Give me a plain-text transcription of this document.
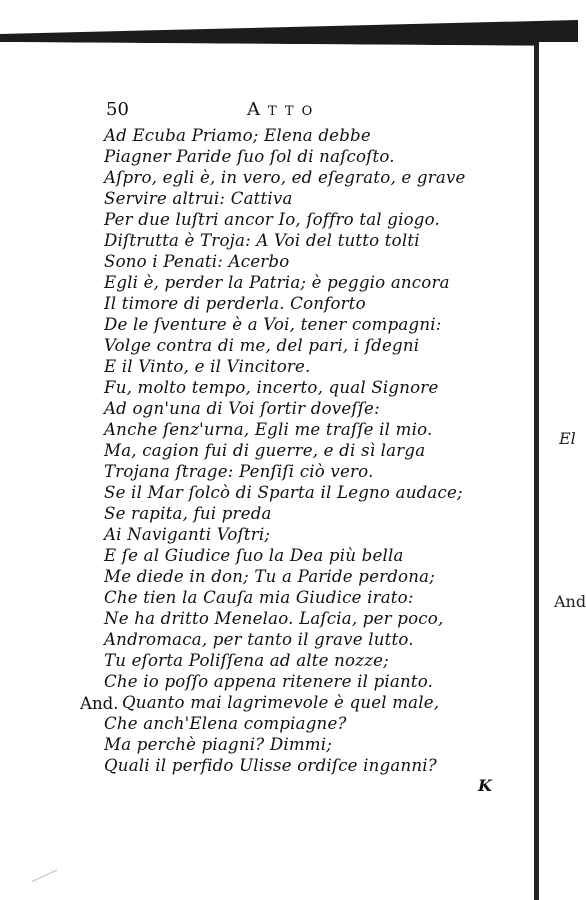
El
And
50	Atto
Ad Ecuba Priamo; Elena debbe
Piagner Paride ſuo ſol di naſcoſto.
Aſpro, egli è, in vero, ed eſegrato, e grave
Servire altrui: Cattiva
Per due luſtri ancor Io, ſoffro tal giogo.
Diſtrutta è Troja: A Voi del tutto tolti
Sono i Penati: Acerbo
Egli è, perder la Patria; è peggio ancora
Il timore di perderla. Conforto
De le ſventure è a Voi, tener compagni:
Volge contra di me, del pari, i ſdegni
E il Vinto, e il Vincitore.
Fu, molto tempo, incerto, qual Signore
Ad ogn'una di Voi ſortir doveſſe:
Anche ſenz'urna, Egli me traſſe il mio.
Ma, cagion fui di guerre, e di sì larga
Trojana ſtrage: Penſiſi ciò vero.
Se il Mar ſolcò di Sparta il Legno audace;
Se rapita, fui preda
Ai Naviganti Voſtri;
E ſe al Giudice ſuo la Dea più bella
Me diede in don; Tu a Paride perdona;
Che tien la Cauſa mia Giudice irato:
Ne ha dritto Menelao. Laſcia, per poco,
Andromaca, per tanto il grave lutto.
Tu eſorta Poliſſena ad alte nozze;
Che io poſſo appena ritenere il pianto.
And. Quanto mai lagrimevole è quel male,
Che anch'Elena compiagne?
Ma perchè piagni? Dimmi;
Quali il perfido Ulisse ordiſce inganni?
K
